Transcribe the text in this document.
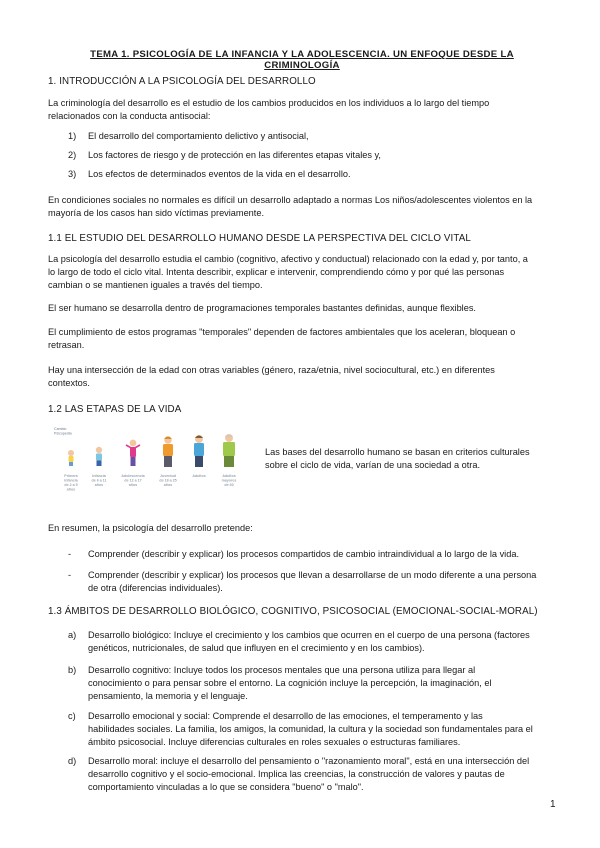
TEMA 1. PSICOLOGÍA DE LA INFANCIA Y LA ADOLESCENCIA. UN ENFOQUE DESDE LA CRIMINOLOGÍA
1. INTRODUCCIÓN A LA PSICOLOGÍA DEL DESARROLLO
La criminología del desarrollo es el estudio de los cambios producidos en los individuos a lo largo del tiempo
relacionados con la conducta antisocial:
1)	El desarrollo del comportamiento delictivo y antisocial,
2)	Los factores de riesgo y de protección en las diferentes etapas vitales y,
3)	Los efectos de determinados eventos de la vida en el desarrollo.
En condiciones sociales no normales es difícil un desarrollo adaptado a normas Los niños/adolescentes violentos en la
mayoría de los casos han sido víctimas previamente.
1.1 EL ESTUDIO DEL DESARROLLO HUMANO DESDE LA PERSPECTIVA DEL CICLO VITAL
La psicología del desarrollo estudia el cambio (cognitivo, afectivo y conductual) relacionado con la edad y, por tanto, a
lo largo de todo el ciclo vital. Intenta describir, explicar e intervenir, comprendiendo cómo y por qué las personas
cambian o se mantienen iguales a través del tiempo.
El ser humano se desarrolla dentro de programaciones temporales bastantes definidas, aunque flexibles.
El cumplimiento de estos programas "temporales" dependen de factores ambientales que los aceleran, bloquean o
retrasan.
Hay una intersección de la edad con otras variables (género, raza/etnia, nivel sociocultural, etc.) en diferentes
contextos.
1.2 LAS ETAPAS DE LA VIDA
Cambio
Psicopedia
Primera
infancia
de 2 a 5
años
Infancia
de 6 a 11
años
Adolescencia
de 12 a 17
años
Juventud
de 18 a 25
años
Adultos	Adultos
mayores
de 60
Las bases del desarrollo humano se basan en criterios culturales
sobre el ciclo de vida, varían de una sociedad a otra.
En resumen, la psicología del desarrollo pretende:
- Comprender (describir y explicar) los procesos compartidos de cambio intraindividual a lo largo de la vida.
- Comprender (describir y explicar) los procesos que llevan a desarrollarse de un modo diferente a una persona
de otra (diferencias individuales).
1.3 ÁMBITOS DE DESARROLLO BIOLÓGICO, COGNITIVO, PSICOSOCIAL (EMOCIONAL-SOCIAL-MORAL)
a)	Desarrollo biológico: Incluye el crecimiento y los cambios que ocurren en el cuerpo de una persona (factores
genéticos, nutricionales, de salud que influyen en el crecimiento y en los cambios).
b)	Desarrollo cognitivo: Incluye todos los procesos mentales que una persona utiliza para llegar al
conocimiento o para pensar sobre el entorno. La cognición incluye la percepción, la imaginación, el
pensamiento, la memoria y el lenguaje.
c)	Desarrollo emocional y social: Comprende el desarrollo de las emociones, el temperamento y las
habilidades sociales. La familia, los amigos, la comunidad, la cultura y la sociedad son fundamentales para el
ámbito psicosocial. Incluye diferencias culturales en roles sexuales o estructuras familiares.
d)	Desarrollo moral: incluye el desarrollo del pensamiento o "razonamiento moral", está en una intersección del
desarrollo cognitivo y el socio-emocional. Implica las creencias, la construcción de valores y pautas de
comportamiento vinculadas a lo que se considera "bueno" o "malo".
1
